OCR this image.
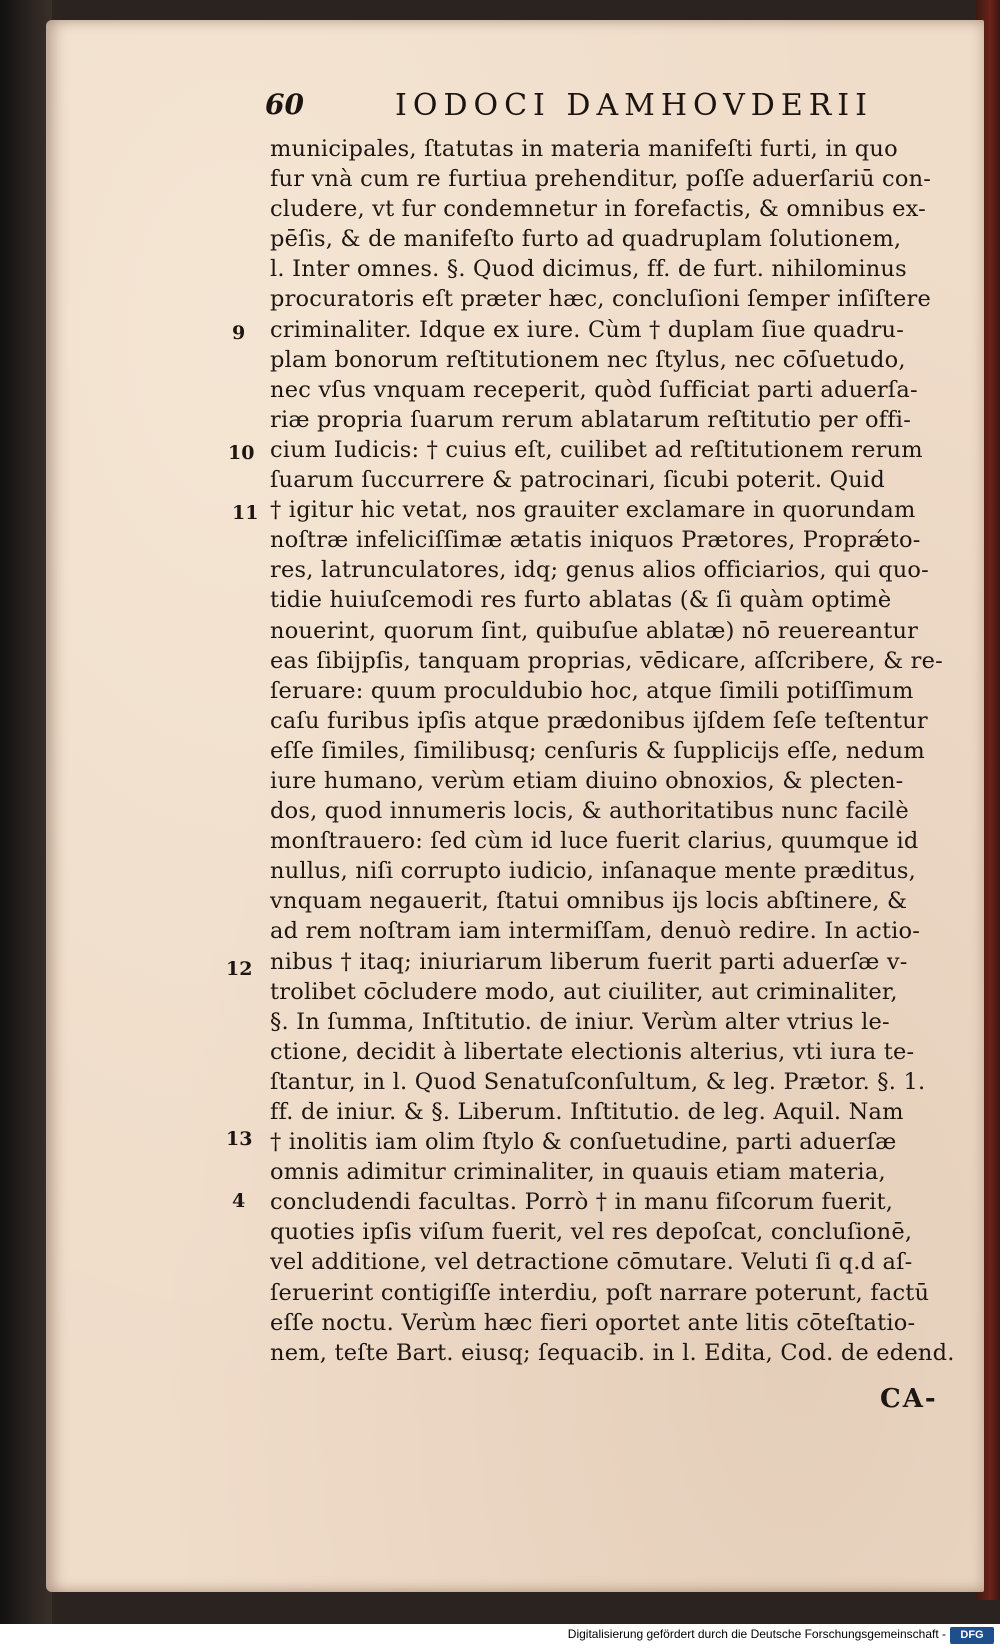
60	IODOCI DAMHOVDERII
municipales, ſtatutas in materia manifeſti furti, in quo
fur vnà cum re furtiua prehenditur, poſſe aduerſariū con-
cludere, vt fur condemnetur in forefactis, & omnibus ex-
pēſis, & de manifeſto furto ad quadruplam ſolutionem,
l. Inter omnes. §. Quod dicimus, ff. de furt. nihilominus
procuratoris eſt præter hæc, concluſioni ſemper inſiſtere
criminaliter. Idque ex iure. Cùm † duplam ſiue quadru-
plam bonorum reſtitutionem nec ſtylus, nec cōſuetudo,
nec vſus vnquam receperit, quòd ſufficiat parti aduerſa-
riæ propria ſuarum rerum ablatarum reſtitutio per offi-
cium Iudicis: † cuius eſt, cuilibet ad reſtitutionem rerum
ſuarum ſuccurrere & patrocinari, ſicubi poterit. Quid
† igitur hic vetat, nos grauiter exclamare in quorundam
noſtræ infeliciſſimæ ætatis iniquos Prætores, Proprǽto-
res, latrunculatores, idq; genus alios officiarios, qui quo-
tidie huiuſcemodi res furto ablatas (& ſi quàm optimè
nouerint, quorum ſint, quibuſue ablatæ) nō reuereantur
eas ſibijpſis, tanquam proprias, vēdicare, aſſcribere, & re-
ſeruare: quum proculdubio hoc, atque ſimili potiſſimum
caſu furibus ipſis atque prædonibus ijſdem ſeſe teſtentur
eſſe ſimiles, ſimilibusq; cenſuris & ſupplicijs eſſe, nedum
iure humano, verùm etiam diuino obnoxios, & plecten-
dos, quod innumeris locis, & authoritatibus nunc facilè
monſtrauero: ſed cùm id luce fuerit clarius, quumque id
nullus, niſi corrupto iudicio, inſanaque mente præditus,
vnquam negauerit, ſtatui omnibus ijs locis abſtinere, &
ad rem noſtram iam intermiſſam, denuò redire. In actio-
nibus † itaq; iniuriarum liberum fuerit parti aduerſæ v-
trolibet cōcludere modo, aut ciuiliter, aut criminaliter,
§. In ſumma, Inſtitutio. de iniur. Verùm alter vtrius le-
ctione, decidit à libertate electionis alterius, vti iura te-
ſtantur, in l. Quod Senatuſconſultum, & leg. Prætor. §. 1.
ff. de iniur. & §. Liberum. Inſtitutio. de leg. Aquil. Nam
† inolitis iam olim ſtylo & conſuetudine, parti aduerſæ
omnis adimitur criminaliter, in quauis etiam materia,
concludendi facultas. Porrò † in manu fiſcorum fuerit,
quoties ipſis viſum fuerit, vel res depoſcat, concluſionē,
vel additione, vel detractione cōmutare. Veluti ſi q.d aſ-
ſeruerint contigiſſe interdiu, poſt narrare poterunt, factū
eſſe noctu. Verùm hæc fieri oportet ante litis cōteſtatio-
nem, teſte Bart. eiusq; ſequacib. in l. Edita, Cod. de edend.
9
10
11
12
13
4
CA-
Digitalisierung gefördert durch die Deutsche Forschungsgemeinschaft -	DFG
